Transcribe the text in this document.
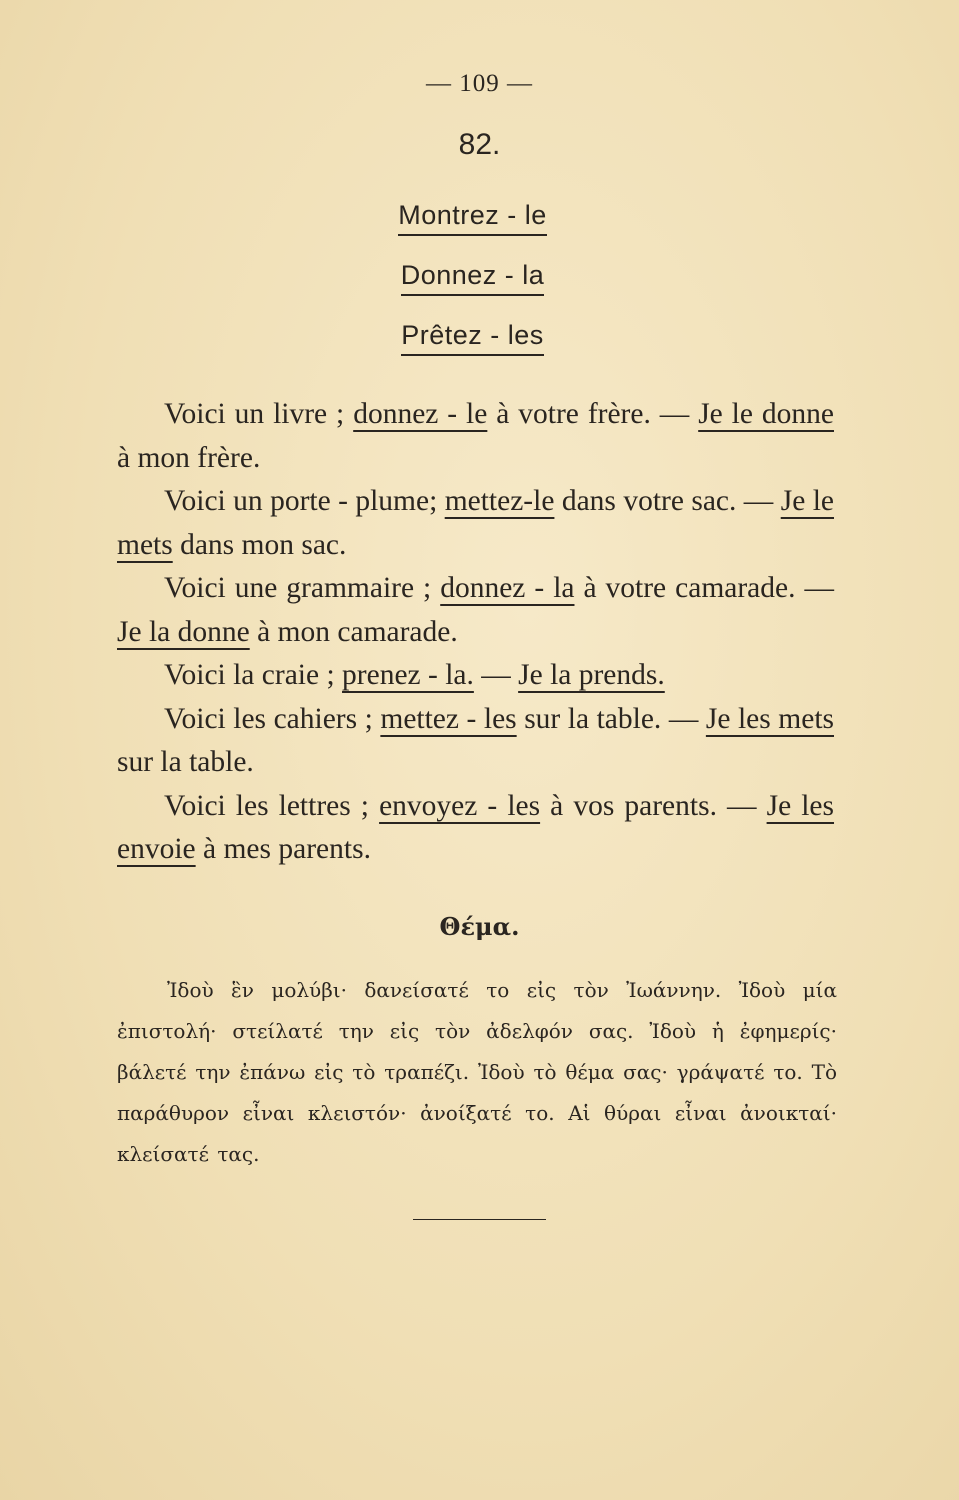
— 109 —
82.
Montrez - le
Donnez - la
Prêtez - les

Voici un livre ; donnez - le à votre frère. — Je le donne à mon frère.

Voici un porte - plume; mettez-le dans votre sac. — Je le mets dans mon sac.

Voici une grammaire ; donnez - la à votre camarade. — Je la donne à mon camarade.

Voici la craie ; prenez - la. — Je la prends.

Voici les cahiers ; mettez - les sur la table. — Je les mets sur la table.

Voici les lettres ; envoyez - les à vos parents. — Je les envoie à mes parents.

Θέμα.

Ἰδοὺ ἓν μολύβι· δανείσατέ το εἰς τὸν Ἰωάννην. Ἰδοὺ μία ἐπιστολή· στείλατέ την εἰς τὸν ἀδελφόν σας. Ἰδοὺ ἡ ἐφημερίς· βάλετέ την ἐπάνω εἰς τὸ τραπέζι. Ἰδοὺ τὸ θέμα σας· γράψατέ το. Τὸ παράθυρον εἶναι κλειστόν· ἀνοίξατέ το. Αἱ θύραι εἶναι ἀνοικταί· κλείσατέ τας.
